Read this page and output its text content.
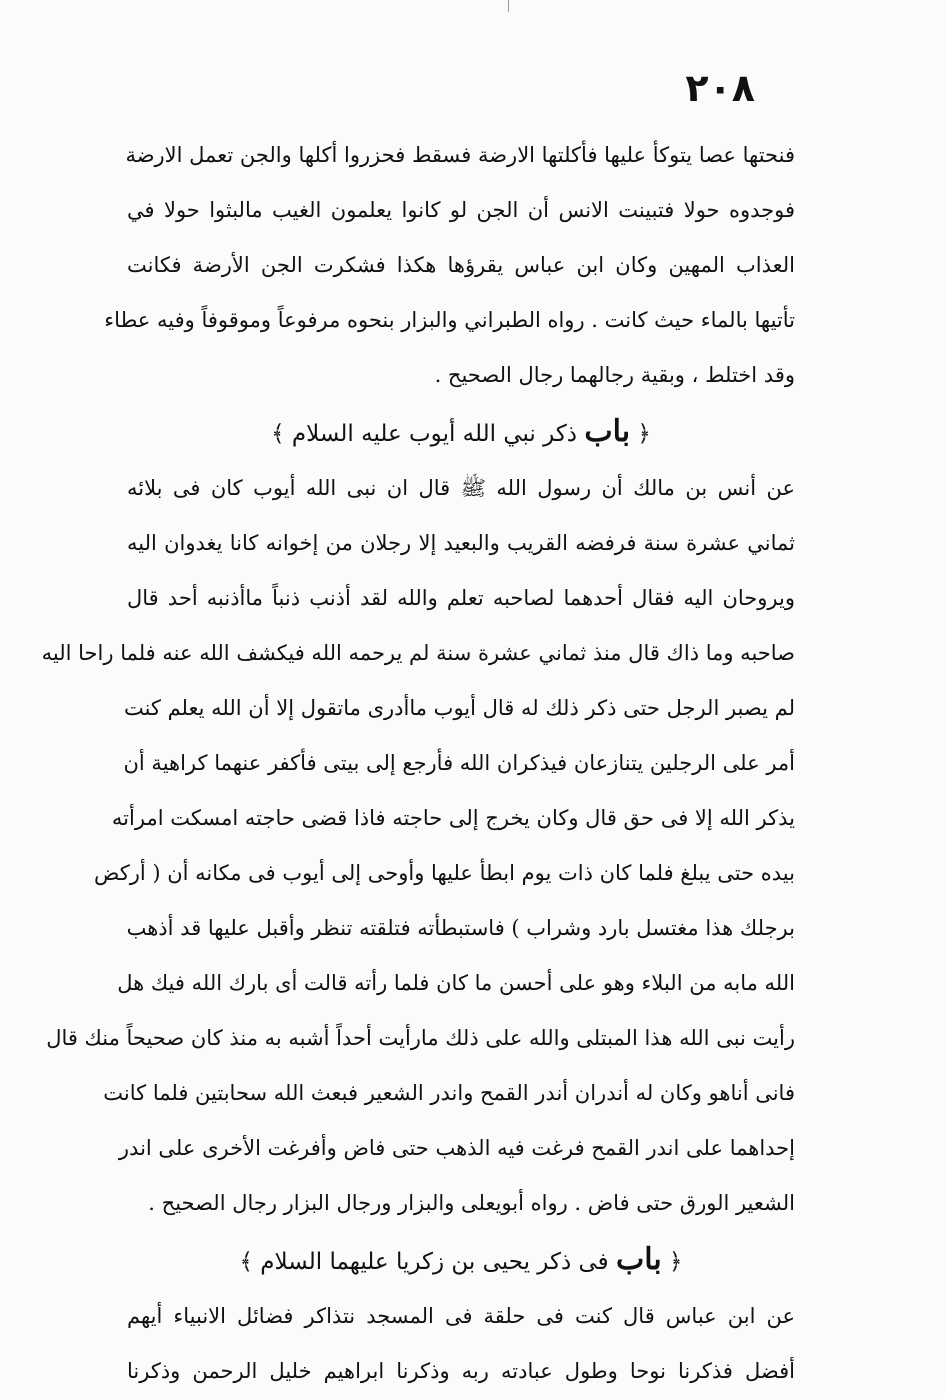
٢٠٨
فنحتها عصا يتوكأ عليها فأكلتها الارضة فسقط فحزروا أكلها والجن تعمل الارضة
فوجدوه حولا فتبينت الانس أن الجن لو كانوا يعلمون الغيب مالبثوا حولا في
العذاب المهين وكان ابن عباس يقرؤها هكذا فشكرت الجن الأرضة فكانت
تأتيها بالماء حيث كانت . رواه الطبراني والبزار بنحوه مرفوعاً وموقوفاً وفيه عطاء
وقد اختلط ، وبقية رجالهما رجال الصحيح .
﴿ باب ذكر نبي الله أيوب عليه السلام ﴾
عن أنس بن مالك أن رسول الله ﷺ قال ان نبى الله أيوب كان فى بلائه
ثماني عشرة سنة فرفضه القريب والبعيد إلا رجلان من إخوانه كانا يغدوان اليه
ويروحان اليه فقال أحدهما لصاحبه تعلم والله لقد أذنب ذنباً ماأذنبه أحد قال
صاحبه وما ذاك قال منذ ثماني عشرة سنة لم يرحمه الله فيكشف الله عنه فلما راحا اليه
لم يصبر الرجل حتى ذكر ذلك له قال أيوب ماأدرى ماتقول إلا أن الله يعلم كنت
أمر على الرجلين يتنازعان فيذكران الله فأرجع إلى بيتى فأكفر عنهما كراهية أن
يذكر الله إلا فى حق قال وكان يخرج إلى حاجته فاذا قضى حاجته امسكت امرأته
بيده حتى يبلغ فلما كان ذات يوم ابطأ عليها وأوحى إلى أيوب فى مكانه أن ( أركض
برجلك هذا مغتسل بارد وشراب ) فاستبطأته فتلقته تنظر وأقبل عليها قد أذهب
الله مابه من البلاء وهو على أحسن ما كان فلما رأته قالت أى بارك الله فيك هل
رأيت نبى الله هذا المبتلى والله على ذلك مارأيت أحداً أشبه به منذ كان صحيحاً منك قال
فانى أناهو وكان له أندران أندر القمح واندر الشعير فبعث الله سحابتين فلما كانت
إحداهما على اندر القمح فرغت فيه الذهب حتى فاض وأفرغت الأخرى على اندر
الشعير الورق حتى فاض . رواه أبويعلى والبزار ورجال البزار رجال الصحيح .
﴿ باب فى ذكر يحيى بن زكريا عليهما السلام ﴾
عن ابن عباس قال كنت فى حلقة فى المسجد نتذاكر فضائل الانبياء أيهم
أفضل فذكرنا نوحا وطول عبادته ربه وذكرنا ابراهيم خليل الرحمن وذكرنا
